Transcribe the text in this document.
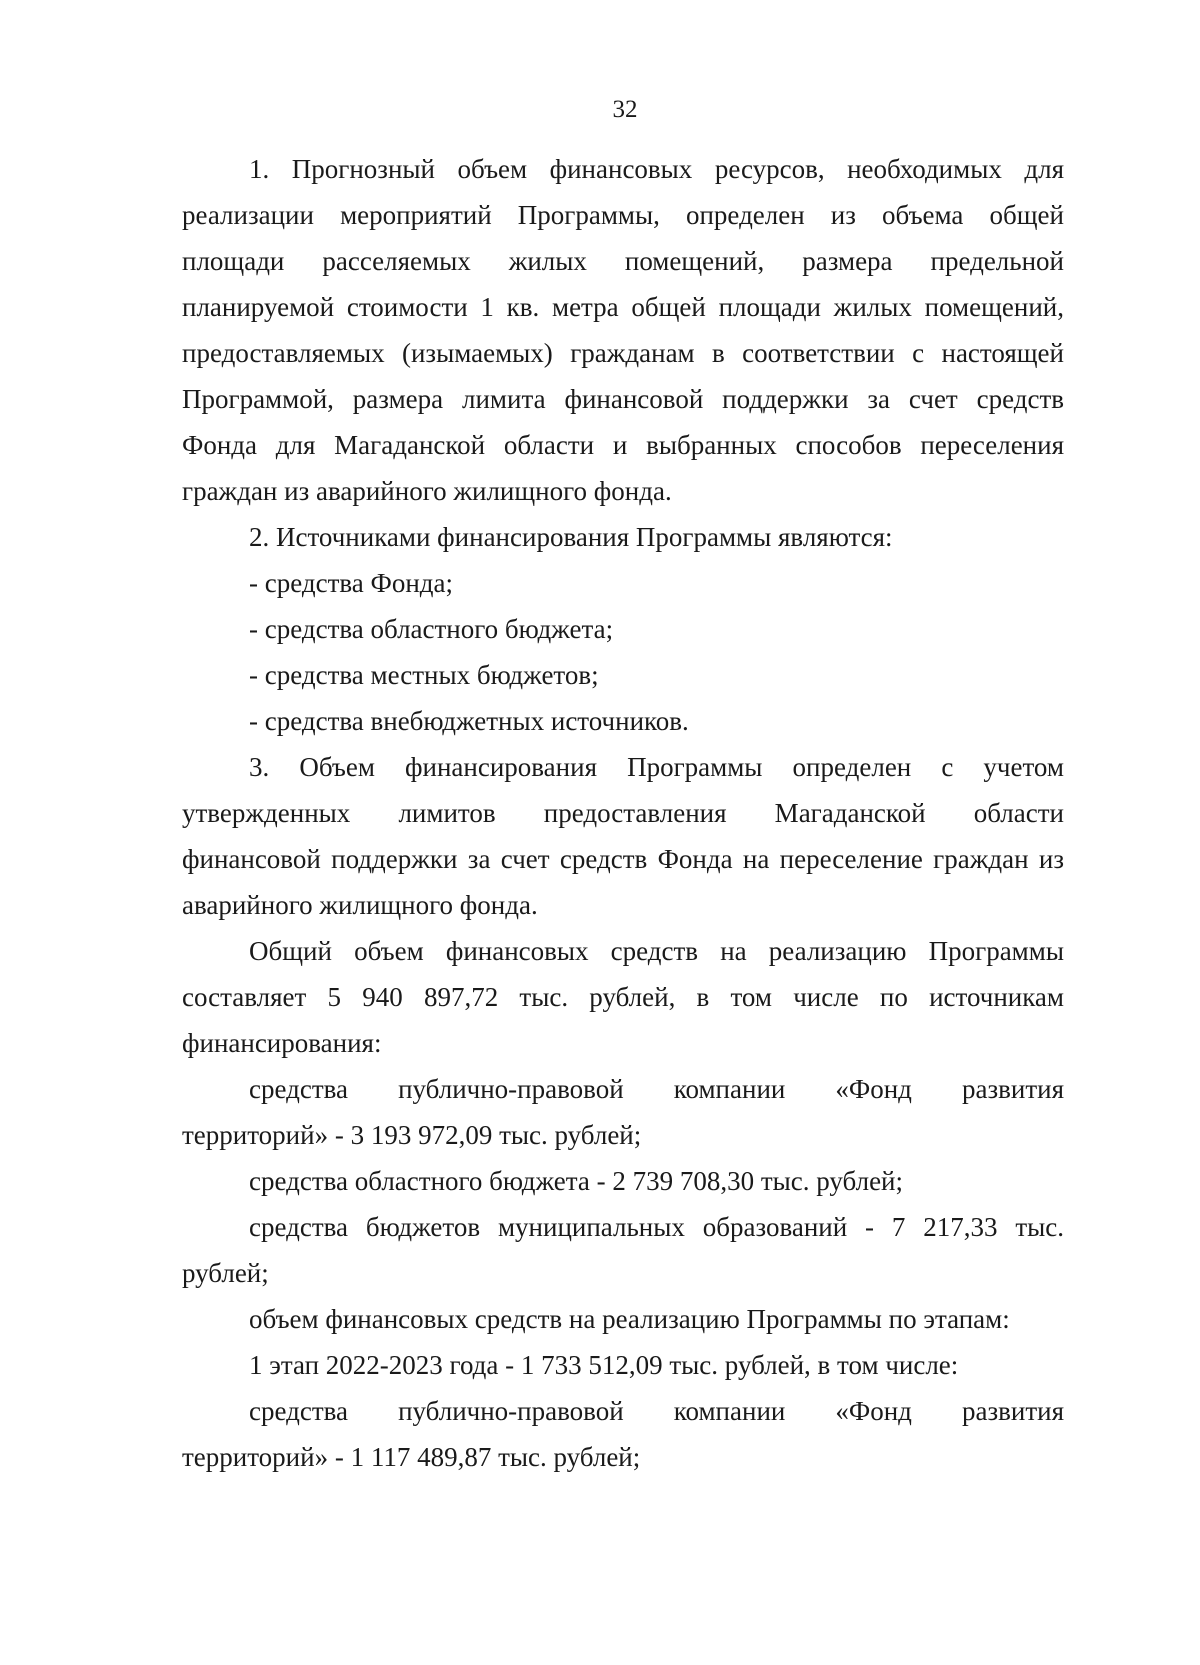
32
1. Прогнозный объем финансовых ресурсов, необходимых для
реализации мероприятий Программы, определен из объема общей
площади расселяемых жилых помещений, размера предельной
планируемой стоимости 1 кв. метра общей площади жилых помещений,
предоставляемых (изымаемых) гражданам в соответствии с настоящей
Программой, размера лимита финансовой поддержки за счет средств
Фонда для Магаданской области и выбранных способов переселения
граждан из аварийного жилищного фонда.
2. Источниками финансирования Программы являются:
- средства Фонда;
- средства областного бюджета;
- средства местных бюджетов;
- средства внебюджетных источников.
3. Объем финансирования Программы определен с учетом
утвержденных лимитов предоставления Магаданской области
финансовой поддержки за счет средств Фонда на переселение граждан из
аварийного жилищного фонда.
Общий объем финансовых средств на реализацию Программы
составляет 5 940 897,72 тыс. рублей, в том числе по источникам
финансирования:
средства публично-правовой компании «Фонд развития
территорий» - 3 193 972,09 тыс. рублей;
средства областного бюджета - 2 739 708,30 тыс. рублей;
средства бюджетов муниципальных образований - 7 217,33 тыс.
рублей;
объем финансовых средств на реализацию Программы по этапам:
1 этап 2022-2023 года - 1 733 512,09 тыс. рублей, в том числе:
средства публично-правовой компании «Фонд развития
территорий» - 1 117 489,87 тыс. рублей;
